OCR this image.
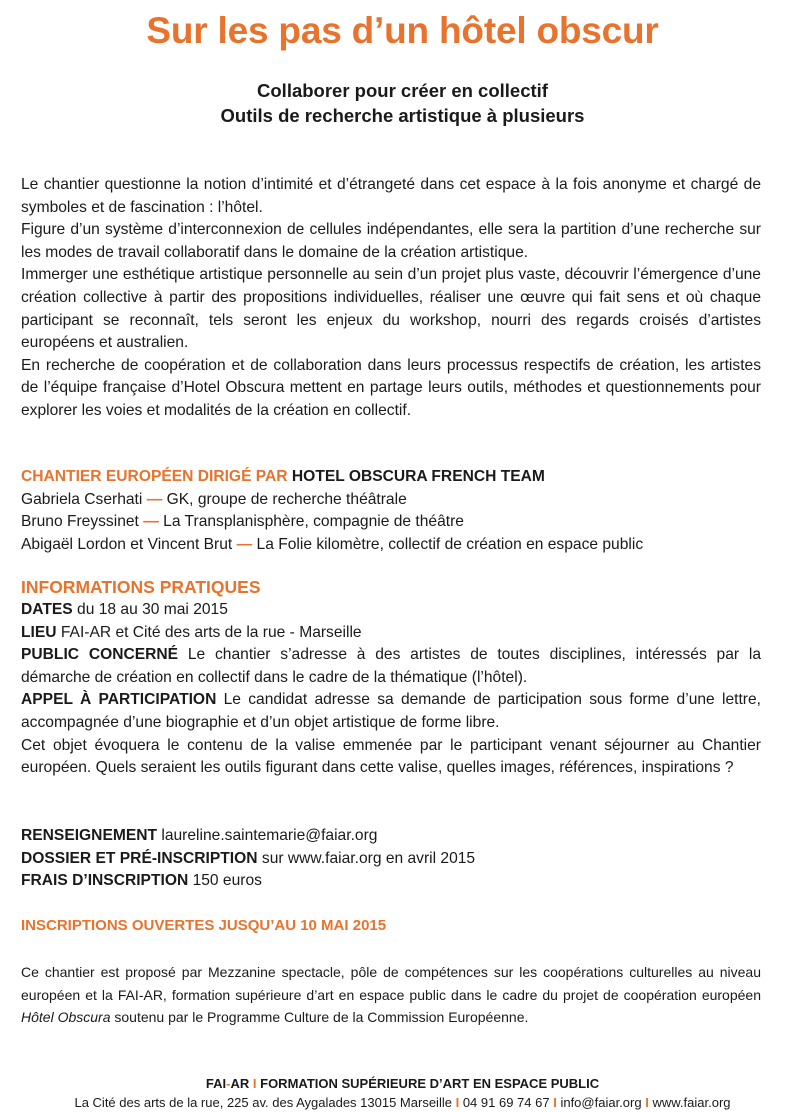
Sur les pas d’un hôtel obscur
Collaborer pour créer en collectif
Outils de recherche artistique à plusieurs

Le chantier questionne la notion d’intimité et d’étrangeté dans cet espace à la fois anonyme et chargé de symboles et de fascination : l’hôtel.

Figure d’un système d’interconnexion de cellules indépendantes, elle sera la partition d’une recherche sur les modes de travail collaboratif dans le domaine de la création artistique.

Immerger une esthétique artistique personnelle au sein d’un projet plus vaste, découvrir l’émergence d’une création collective à partir des propositions individuelles, réaliser une œuvre qui fait sens et où chaque participant se reconnaît, tels seront les enjeux du workshop, nourri des regards croisés d’artistes européens et australien.

En recherche de coopération et de collaboration dans leurs processus respectifs de création, les artistes de l’équipe française d’Hotel Obscura mettent en partage leurs outils, méthodes et questionnements pour explorer les voies et modalités de la création en collectif.

CHANTIER EUROPÉEN DIRIGÉ PAR HOTEL OBSCURA FRENCH TEAM
Gabriela Cserhati — GK, groupe de recherche théâtrale
Bruno Freyssinet — La Transplanisphère, compagnie de théâtre
Abigaël Lordon et Vincent Brut — La Folie kilomètre, collectif de création en espace public
INFORMATIONS PRATIQUES

DATES du 18 au 30 mai 2015

LIEU FAI-AR et Cité des arts de la rue - Marseille

PUBLIC CONCERNÉ Le chantier s’adresse à des artistes de toutes disciplines, intéressés par la démarche de création en collectif dans le cadre de la thématique (l’hôtel).

APPEL À PARTICIPATION Le candidat adresse sa demande de participation sous forme d’une lettre, accompagnée d’une biographie et d’un objet artistique de forme libre.

Cet objet évoquera le contenu de la valise emmenée par le participant venant séjourner au Chantier européen. Quels seraient les outils figurant dans cette valise, quelles images, références, inspirations ?

RENSEIGNEMENT laureline.saintemarie@faiar.org
DOSSIER ET PRÉ-INSCRIPTION sur www.faiar.org en avril 2015
FRAIS D’INSCRIPTION 150 euros
INSCRIPTIONS OUVERTES JUSQU’AU 10 MAI 2015
Ce chantier est proposé par Mezzanine spectacle, pôle de compétences sur les coopérations culturelles au niveau européen et la FAI-AR, formation supérieure d’art en espace public dans le cadre du projet de coopération européen Hôtel Obscura soutenu par le Programme Culture de la Commission Européenne.
FAI-AR I FORMATION SUPÉRIEURE D’ART EN ESPACE PUBLIC
La Cité des arts de la rue, 225 av. des Aygalades 13015 Marseille I 04 91 69 74 67 I info@faiar.org I www.faiar.org
